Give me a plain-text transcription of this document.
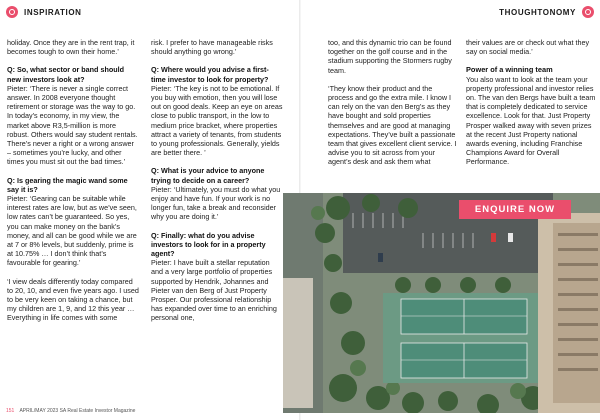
INSPIRATION	THOUGHTONOMY

holiday. Once they are in the rent trap, it becomes tough to own their home.’

Q: So, what sector or band should new investors look at?

Pieter: ‘There is never a single correct answer. In 2008 everyone thought retirement or storage was the way to go. In today’s economy, in my view, the market above R3,5-million is more robust. Others would say student rentals. There’s never a right or a wrong answer – sometimes you’re lucky, and other times you must sit out the bad times.’

Q: Is gearing the magic wand some say it is?

Pieter: ‘Gearing can be suitable while interest rates are low, but as we’ve seen, low rates can’t be guaranteed. So yes, you can make money on the bank’s money, and all can be good while we are at 7 or 8% levels, but suddenly, prime is at 10.75% … I don’t think that’s favourable for gearing.’

‘I view deals differently today compared to 20, 10, and even five years ago. I used to be very keen on taking a chance, but my children are 1, 9, and 12 this year … Everything in life comes with some

risk. I prefer to have manageable risks should anything go wrong.’

Q: Where would you advise a first-time investor to look for property?

Pieter: ‘The key is not to be emotional. If you buy with emotion, then you will lose out on good deals. Keep an eye on areas close to public transport, in the low to medium price bracket, where properties attract a variety of tenants, from students to young professionals. Generally, yields are better there. ’

Q: What is your advice to anyone trying to decide on a career?

Pieter: ‘Ultimately, you must do what you enjoy and have fun. If your work is no longer fun, take a break and reconsider why you are doing it.’

Q: Finally: what do you advise investors to look for in a property agent?

Pieter: I have built a stellar reputation and a very large portfolio of properties supported by Hendrik, Johannes and Pieter van den Berg of Just Property Prosper. Our professional relationship has expanded over time to an enriching personal one,

too, and this dynamic trio can be found together on the golf course and in the stadium supporting the Stormers rugby team.

‘They know their product and the process and go the extra mile. I know I can rely on the van den Berg’s as they have bought and sold properties themselves and are good at managing expectations. They’ve built a passionate team that gives excellent client service. I advise you to sit across from your agent’s desk and ask them what

their values are or check out what they say on social media.’

Power of a winning team

You also want to look at the team your property professional and investor relies on. The van den Bergs have built a team that is completely dedicated to service excellence. Look for that. Just Property Prosper walked away with seven prizes at the recent Just Property national awards evening, including Franchise Champions Award for Overall Performance.

ENQUIRE NOW
151 APRIL/MAY 2023 SA Real Estate Investor Magazine
